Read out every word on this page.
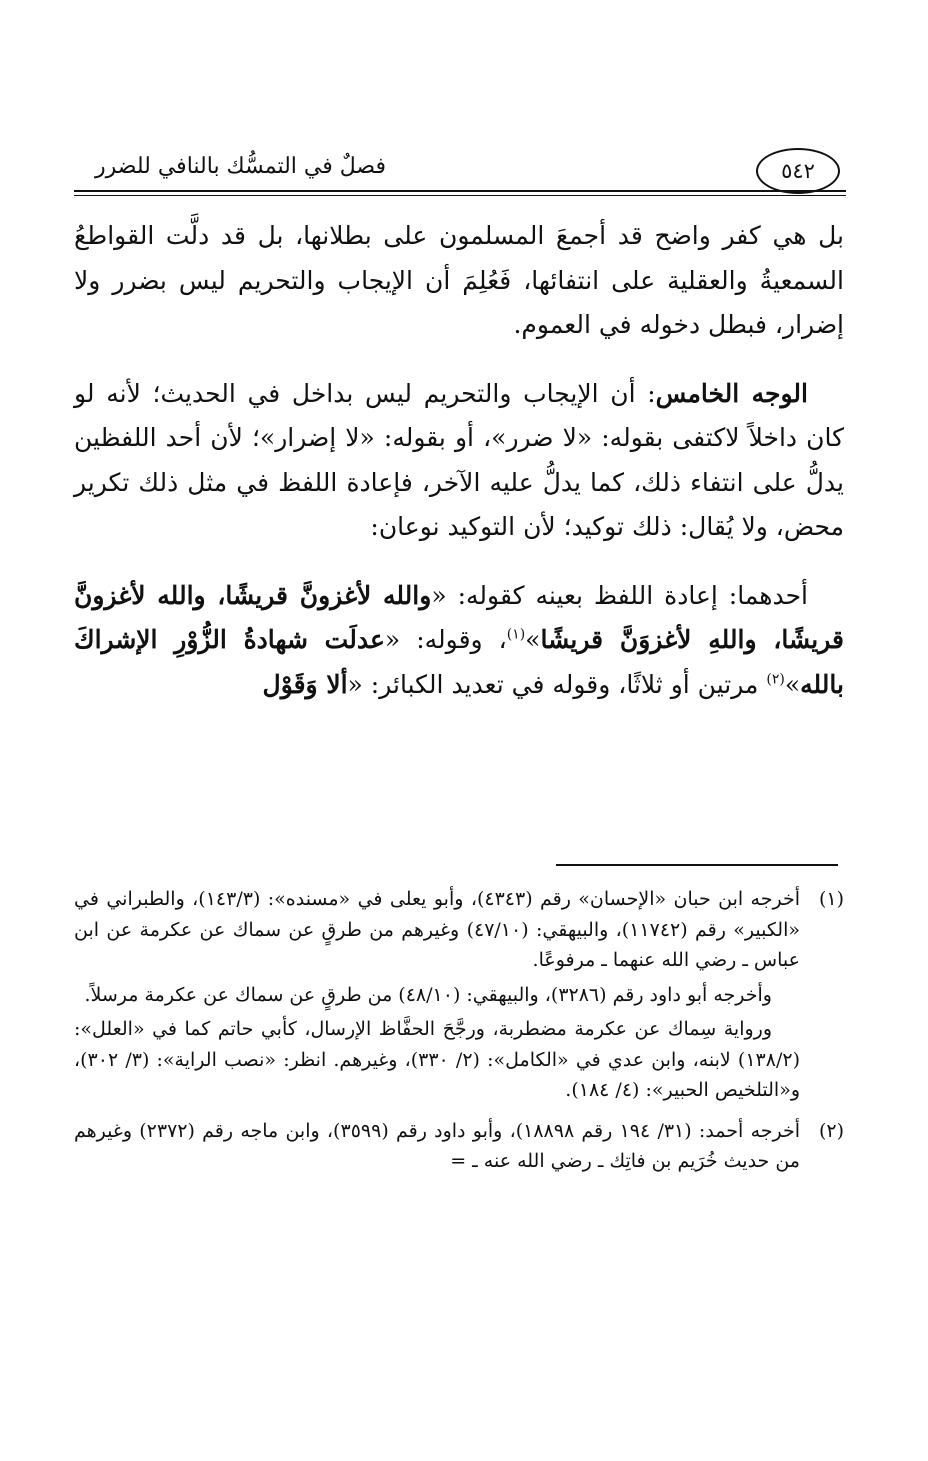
٥٤٢
فصلٌ في التمسُّك بالنافي للضرر

بل هي كفر واضح قد أجمعَ المسلمون على بطلانها، بل قد دلَّت القواطعُ السمعيةُ والعقلية على انتفائها، فَعُلِمَ أن الإيجاب والتحريم ليس بضرر ولا إضرار، فبطل دخوله في العموم.

الوجه الخامس: أن الإيجاب والتحريم ليس بداخل في الحديث؛ لأنه لو كان داخلاً لاكتفى بقوله: «لا ضرر»، أو بقوله: «لا إضرار»؛ لأن أحد اللفظين يدلُّ على انتفاء ذلك، كما يدلُّ عليه الآخر، فإعادة اللفظ في مثل ذلك تكرير محض، ولا يُقال: ذلك توكيد؛ لأن التوكيد نوعان:

أحدهما: إعادة اللفظ بعينه كقوله: «والله لأغزونَّ قريشًا، والله لأغزونَّ قريشًا، واللهِ لأغزوَنَّ قريشًا»$^{(١)}$، وقوله: «عدلَت شهادةُ الزُّوْرِ الإشراكَ بالله»$^{(٢)}$ مرتين أو ثلاثًا، وقوله في تعديد الكبائر: «ألا وَقَوْل

(١)

أخرجه ابن حبان «الإحسان» رقم (٤٣٤٣)، وأبو يعلى في «مسنده»: (١٤٣/٣)، والطبراني في «الكبير» رقم (١١٧٤٢)، والبيهقي: (٤٧/١٠) وغيرهم من طرقٍ عن سماك عن عكرمة عن ابن عباس ـ رضي الله عنهما ـ مرفوعًا.

وأخرجه أبو داود رقم (٣٢٨٦)، والبيهقي: (٤٨/١٠) من طرقٍ عن سماك عن عكرمة مرسلاً.

ورواية سِماك عن عكرمة مضطربة، ورجَّحَ الحفَّاظ الإرسال، كأبي حاتم كما في «العلل»: (١٣٨/٢) لابنه، وابن عدي في «الكامل»: (٢/ ٣٣٠)، وغيرهم. انظر: «نصب الراية»: (٣/ ٣٠٢)، و«التلخيص الحبير»: (٤/ ١٨٤).

(٢)

أخرجه أحمد: (٣١/ ١٩٤ رقم ١٨٨٩٨)، وأبو داود رقم (٣٥٩٩)، وابن ماجه رقم (٢٣٧٢) وغيرهم من حديث خُرَيم بن فاتِك ـ رضي الله عنه ـ =
